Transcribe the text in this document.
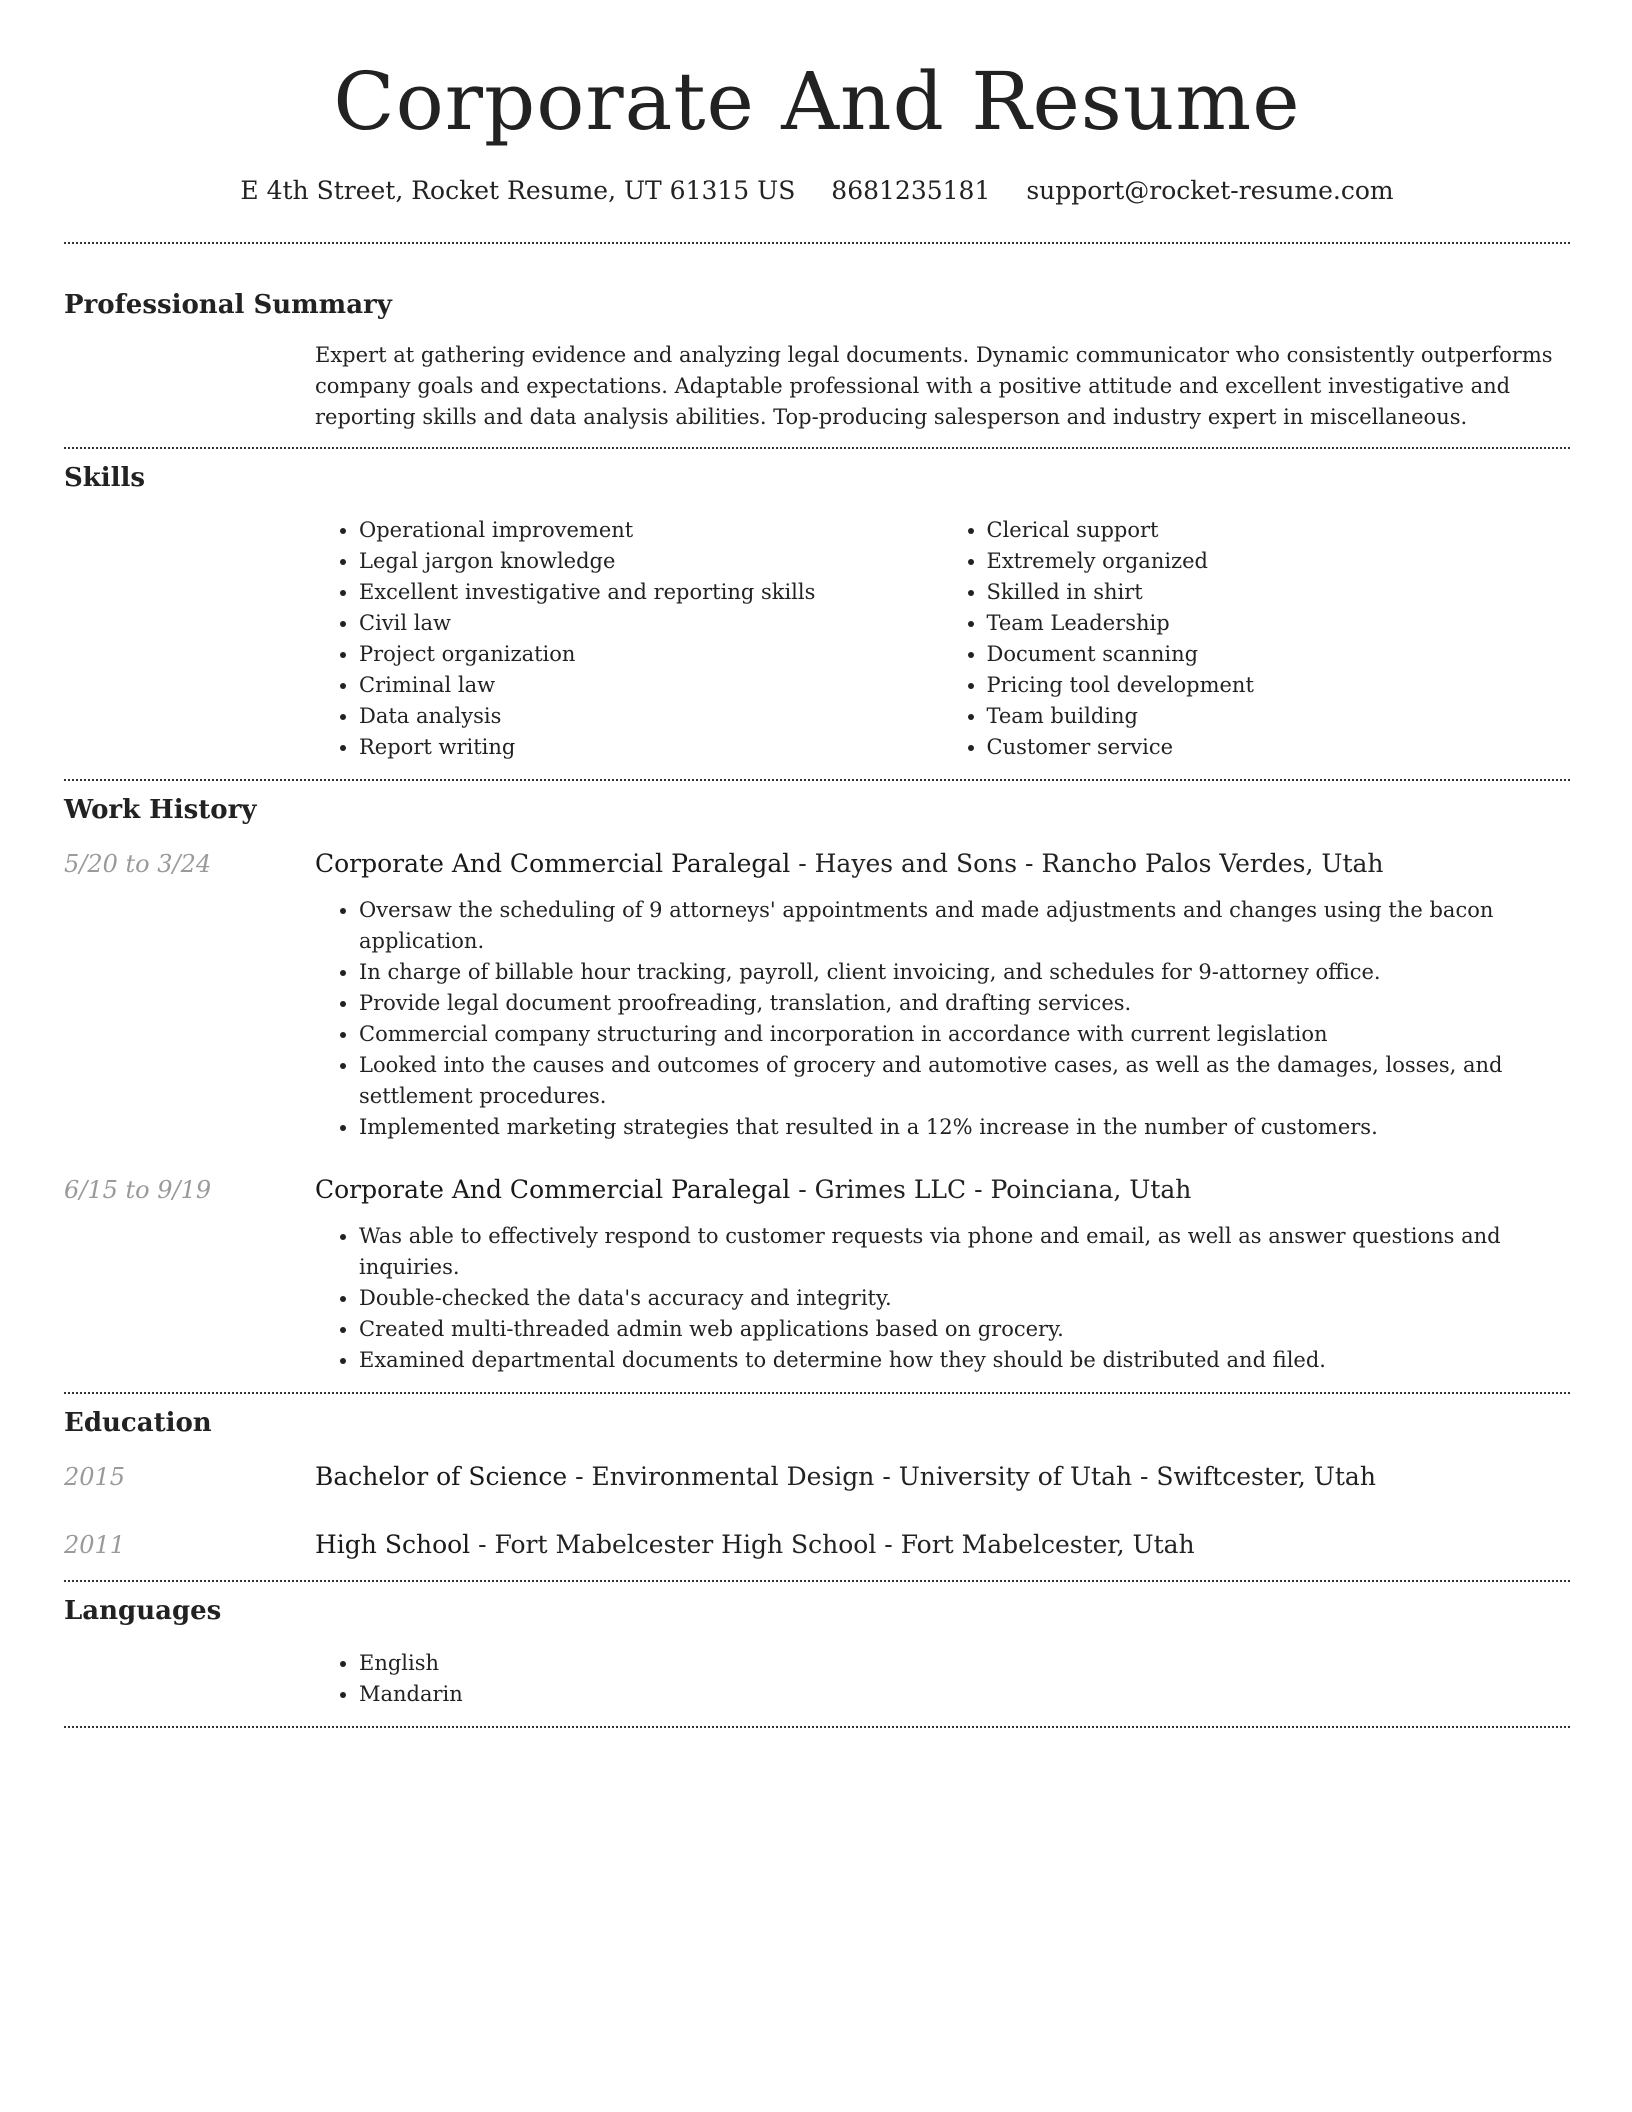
Corporate And Resume
E 4th Street, Rocket Resume, UT 61315 US 8681235181 support@rocket-resume.com
Professional Summary

Expert at gathering evidence and analyzing legal documents. Dynamic communicator who consistently outperforms company goals and expectations. Adaptable professional with a positive attitude and excellent investigative and reporting skills and data analysis abilities. Top-producing salesperson and industry expert in miscellaneous.

Skills
• Operational improvement
• Legal jargon knowledge
• Excellent investigative and reporting skills
• Civil law
• Project organization
• Criminal law
• Data analysis
• Report writing
• Clerical support
• Extremely organized
• Skilled in shirt
• Team Leadership
• Document scanning
• Pricing tool development
• Team building
• Customer service
Work History
5/20 to 3/24	Corporate And Commercial Paralegal - Hayes and Sons - Rancho Palos Verdes, Utah
• Oversaw the scheduling of 9 attorneys' appointments and made adjustments and changes using the bacon application.
• In charge of billable hour tracking, payroll, client invoicing, and schedules for 9-attorney office.
• Provide legal document proofreading, translation, and drafting services.
• Commercial company structuring and incorporation in accordance with current legislation
• Looked into the causes and outcomes of grocery and automotive cases, as well as the damages, losses, and settlement procedures.
• Implemented marketing strategies that resulted in a 12% increase in the number of customers.
6/15 to 9/19	Corporate And Commercial Paralegal - Grimes LLC - Poinciana, Utah
• Was able to effectively respond to customer requests via phone and email, as well as answer questions and inquiries.
• Double-checked the data's accuracy and integrity.
• Created multi-threaded admin web applications based on grocery.
• Examined departmental documents to determine how they should be distributed and filed.
Education
2015	Bachelor of Science - Environmental Design - University of Utah - Swiftcester, Utah
2011	High School - Fort Mabelcester High School - Fort Mabelcester, Utah
Languages
• English
• Mandarin
